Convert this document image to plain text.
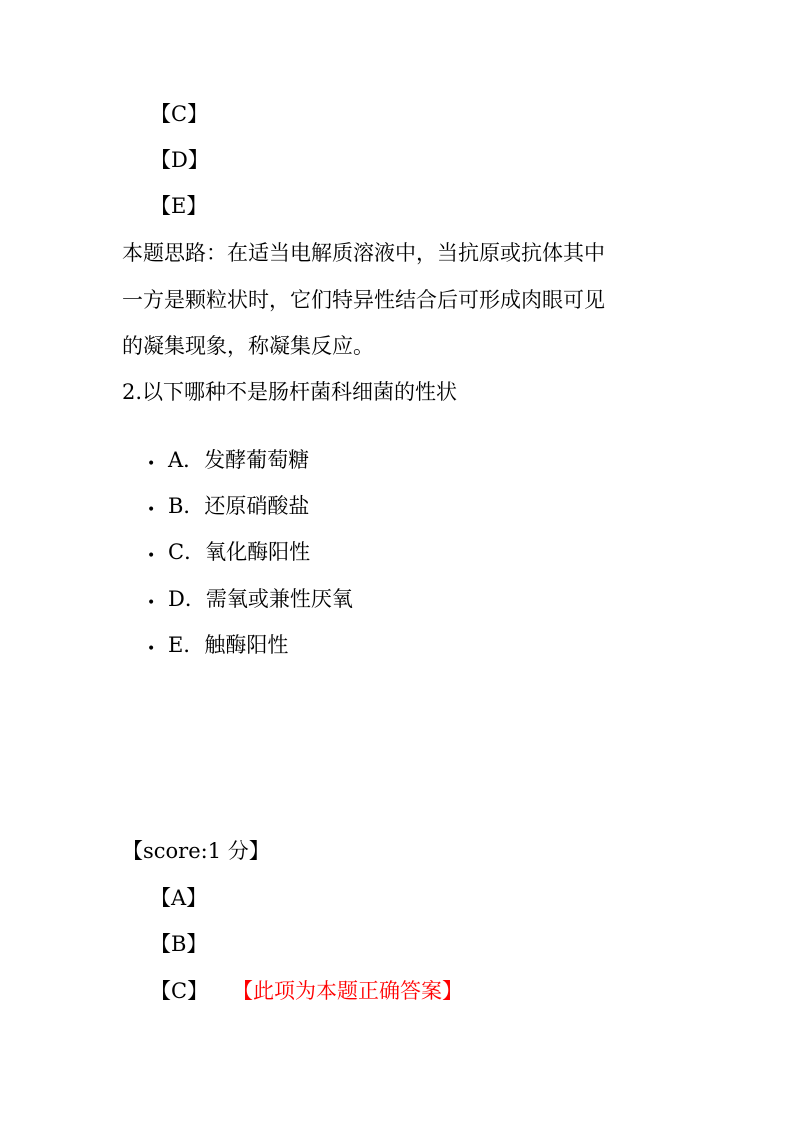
【C】
【D】
【E】
本题思路：在适当电解质溶液中，当抗原或抗体其中
一方是颗粒状时，它们特异性结合后可形成肉眼可见
的凝集现象，称凝集反应。
2.以下哪种不是肠杆菌科细菌的性状
• A．发酵葡萄糖
• B．还原硝酸盐
• C．氧化酶阳性
• D．需氧或兼性厌氧
• E．触酶阳性
【score:1 分】
【A】
【B】
【C】 【此项为本题正确答案】
